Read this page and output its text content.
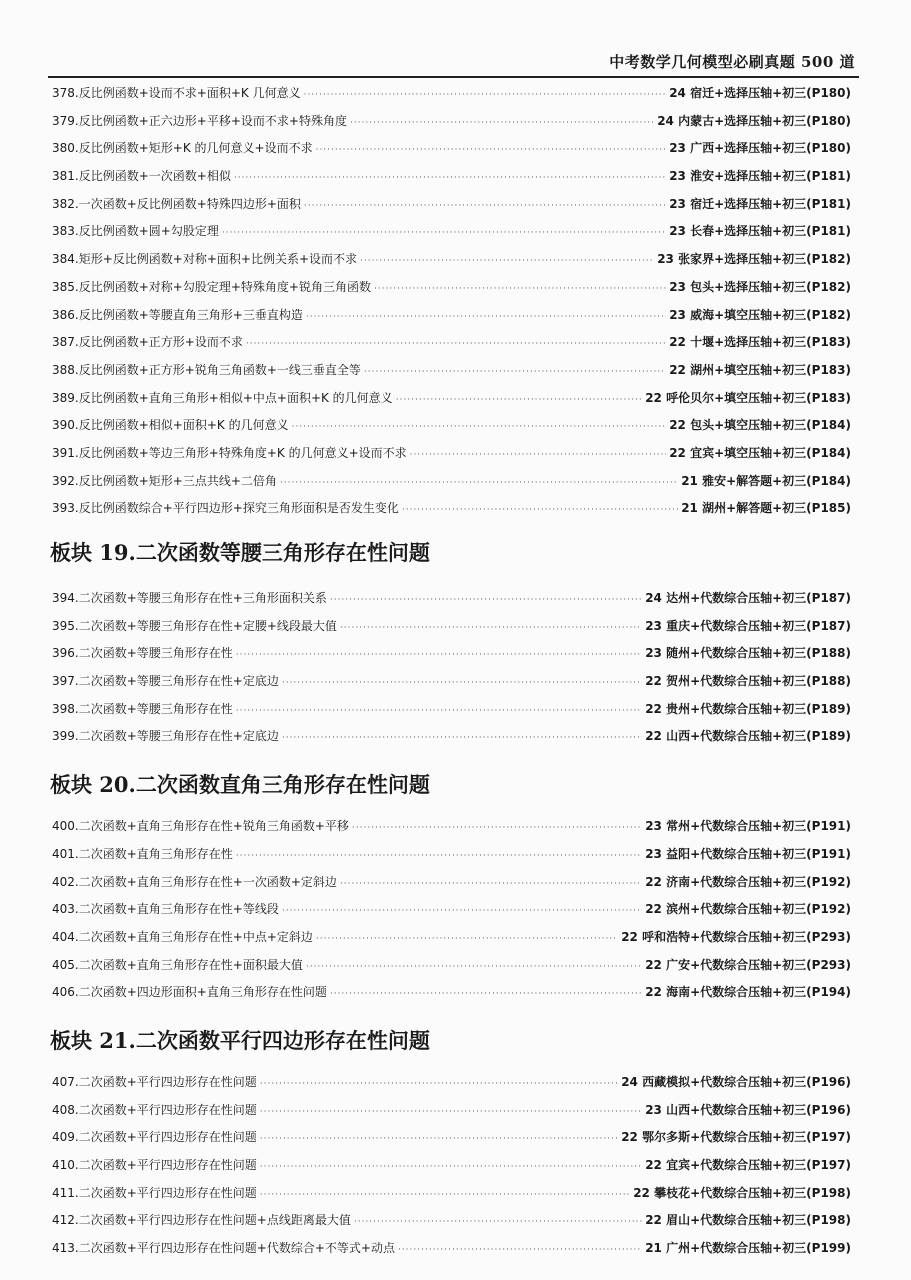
中考数学几何模型必刷真题 500 道
378.反比例函数+设而不求+面积+K 几何意义 ·····	24 宿迁+选择压轴+初三(P180)
379.反比例函数+正六边形+平移+设而不求+特殊角度 ·····	24 内蒙古+选择压轴+初三(P180)
380.反比例函数+矩形+K 的几何意义+设而不求 ·····	23 广西+选择压轴+初三(P180)
381.反比例函数+一次函数+相似 ·····	23 淮安+选择压轴+初三(P181)
382.一次函数+反比例函数+特殊四边形+面积 ·····	23 宿迁+选择压轴+初三(P181)
383.反比例函数+圆+勾股定理 ·····	23 长春+选择压轴+初三(P181)
384.矩形+反比例函数+对称+面积+比例关系+设而不求 ·····	23 张家界+选择压轴+初三(P182)
385.反比例函数+对称+勾股定理+特殊角度+锐角三角函数 ·····	23 包头+选择压轴+初三(P182)
386.反比例函数+等腰直角三角形+三垂直构造 ·····	23 威海+填空压轴+初三(P182)
387.反比例函数+正方形+设而不求 ·····	22 十堰+选择压轴+初三(P183)
388.反比例函数+正方形+锐角三角函数+一线三垂直全等 ·····	22 湖州+填空压轴+初三(P183)
389.反比例函数+直角三角形+相似+中点+面积+K 的几何意义 ·····	22 呼伦贝尔+填空压轴+初三(P183)
390.反比例函数+相似+面积+K 的几何意义 ·····	22 包头+填空压轴+初三(P184)
391.反比例函数+等边三角形+特殊角度+K 的几何意义+设而不求 ·····	22 宜宾+填空压轴+初三(P184)
392.反比例函数+矩形+三点共线+二倍角 ·····	21 雅安+解答题+初三(P184)
393.反比例函数综合+平行四边形+探究三角形面积是否发生变化 ·····	21 湖州+解答题+初三(P185)
板块 19.二次函数等腰三角形存在性问题
394.二次函数+等腰三角形存在性+三角形面积关系 ·····	24 达州+代数综合压轴+初三(P187)
395.二次函数+等腰三角形存在性+定腰+线段最大值 ·····	23 重庆+代数综合压轴+初三(P187)
396.二次函数+等腰三角形存在性 ·····	23 随州+代数综合压轴+初三(P188)
397.二次函数+等腰三角形存在性+定底边 ·····	22 贺州+代数综合压轴+初三(P188)
398.二次函数+等腰三角形存在性 ·····	22 贵州+代数综合压轴+初三(P189)
399.二次函数+等腰三角形存在性+定底边 ·····	22 山西+代数综合压轴+初三(P189)
板块 20.二次函数直角三角形存在性问题
400.二次函数+直角三角形存在性+锐角三角函数+平移 ·····	23 常州+代数综合压轴+初三(P191)
401.二次函数+直角三角形存在性 ·····	23 益阳+代数综合压轴+初三(P191)
402.二次函数+直角三角形存在性+一次函数+定斜边 ·····	22 济南+代数综合压轴+初三(P192)
403.二次函数+直角三角形存在性+等线段 ·····	22 滨州+代数综合压轴+初三(P192)
404.二次函数+直角三角形存在性+中点+定斜边 ·····	22 呼和浩特+代数综合压轴+初三(P293)
405.二次函数+直角三角形存在性+面积最大值 ·····	22 广安+代数综合压轴+初三(P293)
406.二次函数+四边形面积+直角三角形存在性问题 ·····	22 海南+代数综合压轴+初三(P194)
板块 21.二次函数平行四边形存在性问题
407.二次函数+平行四边形存在性问题 ·····	24 西藏模拟+代数综合压轴+初三(P196)
408.二次函数+平行四边形存在性问题 ·····	23 山西+代数综合压轴+初三(P196)
409.二次函数+平行四边形存在性问题 ·····	22 鄂尔多斯+代数综合压轴+初三(P197)
410.二次函数+平行四边形存在性问题 ·····	22 宜宾+代数综合压轴+初三(P197)
411.二次函数+平行四边形存在性问题 ·····	22 攀枝花+代数综合压轴+初三(P198)
412.二次函数+平行四边形存在性问题+点线距离最大值 ·····	22 眉山+代数综合压轴+初三(P198)
413.二次函数+平行四边形存在性问题+代数综合+不等式+动点 ·····	21 广州+代数综合压轴+初三(P199)
